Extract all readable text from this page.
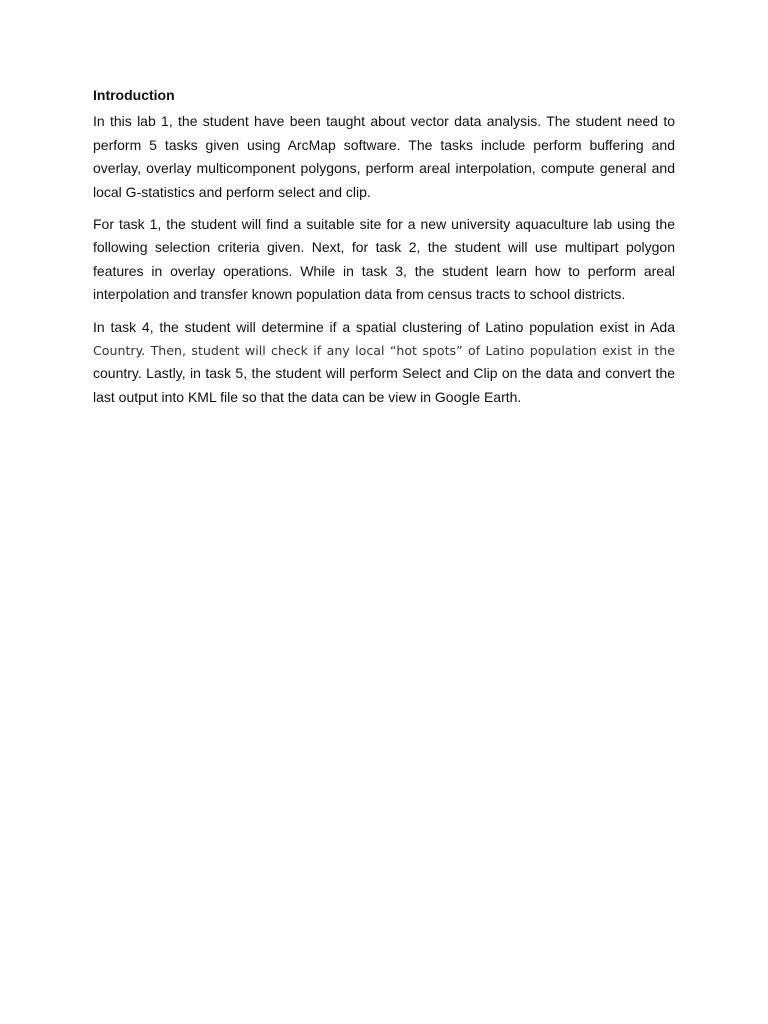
Introduction

In this lab 1, the student have been taught about vector data analysis. The student need to perform 5 tasks given using ArcMap software. The tasks include perform buffering and overlay, overlay multicomponent polygons, perform areal interpolation, compute general and local G-statistics and perform select and clip.

For task 1, the student will find a suitable site for a new university aquaculture lab using the following selection criteria given. Next, for task 2, the student will use multipart polygon features in overlay operations. While in task 3, the student learn how to perform areal interpolation and transfer known population data from census tracts to school districts.

In task 4, the student will determine if a spatial clustering of Latino population exist in Ada Country. Then, student will check if any local “hot spots” of Latino population exist in the country. Lastly, in task 5, the student will perform Select and Clip on the data and convert the last output into KML file so that the data can be view in Google Earth.
